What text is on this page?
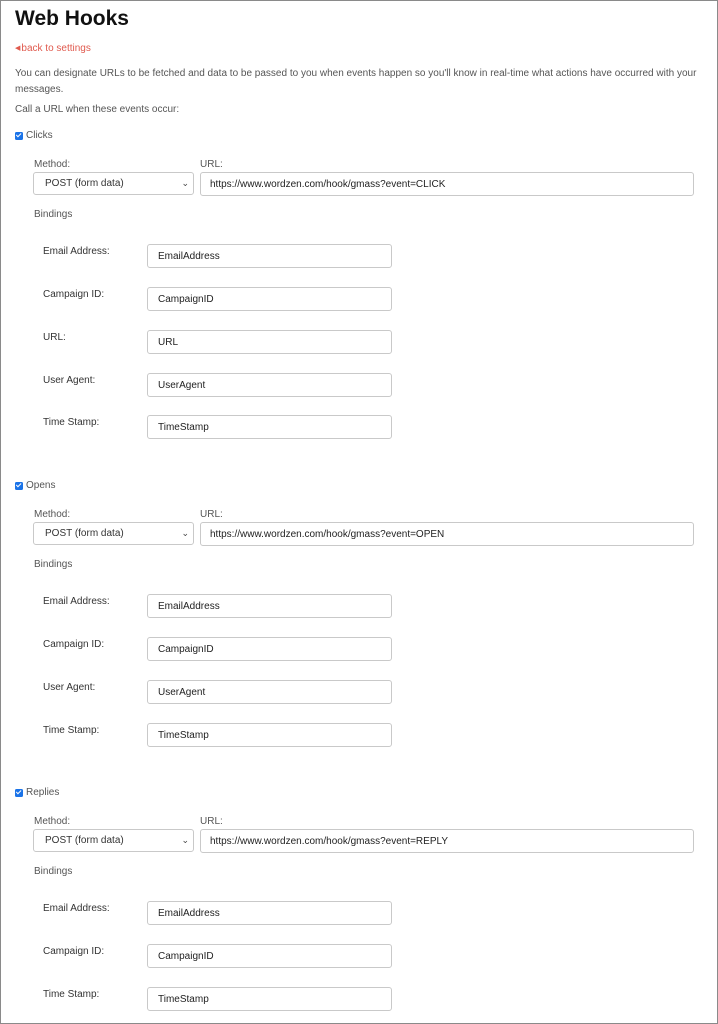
Web Hooks
◀back to settings

You can designate URLs to be fetched and data to be passed to you when events happen so you'll know in real-time what actions have occurred with your messages.

Call a URL when these events occur:
Clicks
Method:	URL:
POST (form data)	⌄	https://www.wordzen.com/hook/gmass?event=CLICK
Bindings
Email Address:	EmailAddress
Campaign ID:	CampaignID
URL:	URL
User Agent:	UserAgent
Time Stamp:	TimeStamp
Opens
Method:	URL:
POST (form data)	⌄	https://www.wordzen.com/hook/gmass?event=OPEN
Bindings
Email Address:	EmailAddress
Campaign ID:	CampaignID
User Agent:	UserAgent
Time Stamp:	TimeStamp
Replies
Method:	URL:
POST (form data)	⌄	https://www.wordzen.com/hook/gmass?event=REPLY
Bindings
Email Address:	EmailAddress
Campaign ID:	CampaignID
Time Stamp:	TimeStamp
